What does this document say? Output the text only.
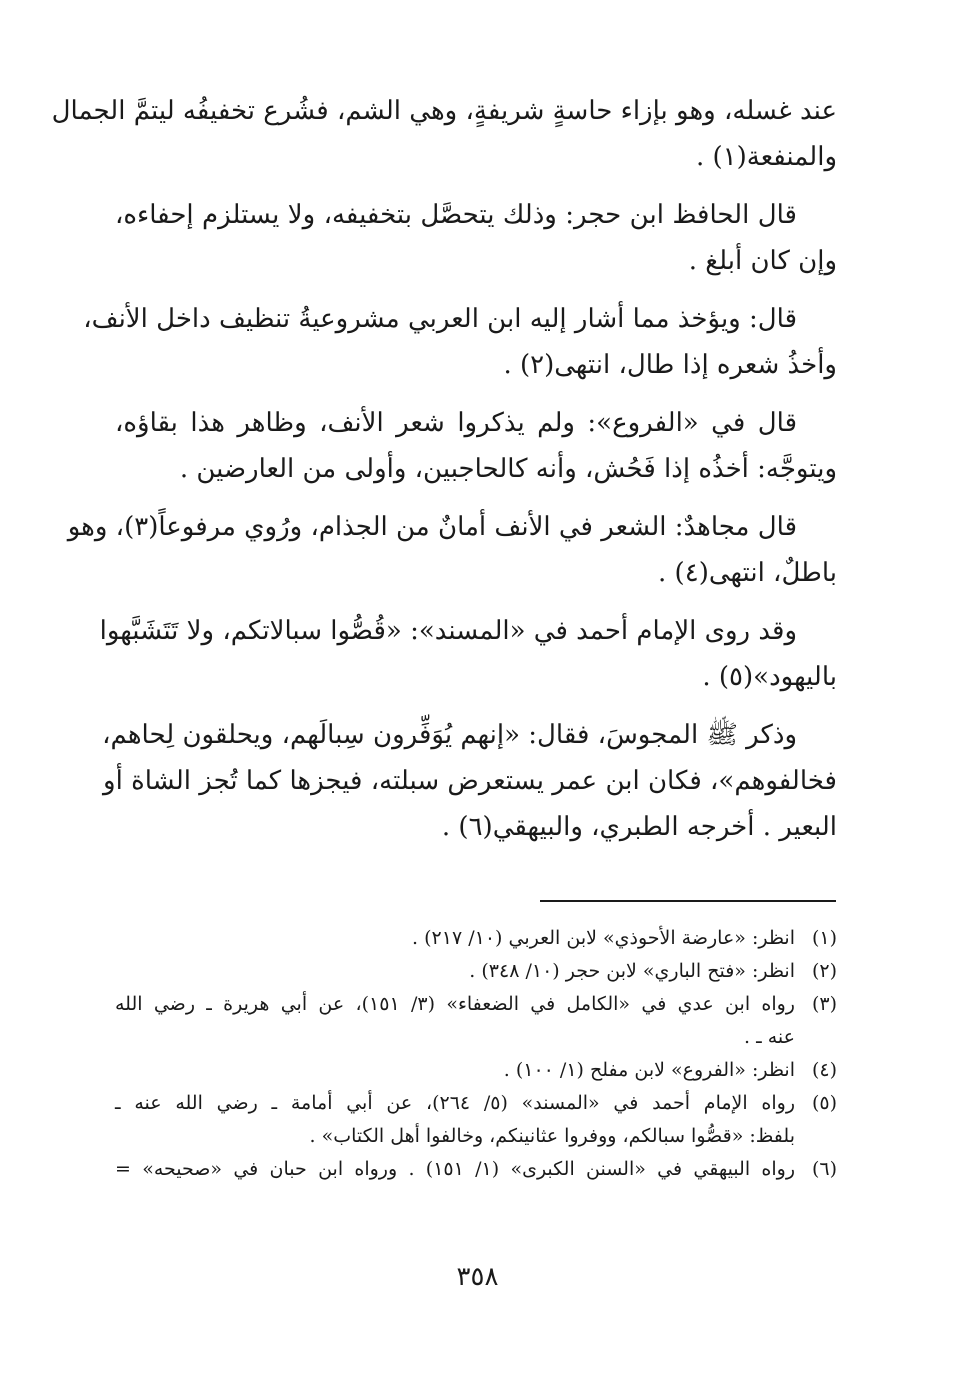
عند غسله، وهو بإزاء حاسةٍ شريفةٍ، وهي الشم، فشُرع تخفيفُه ليتمَّ الجمال
والمنفعة(١) .

قال الحافظ ابن حجر: وذلك يتحصَّل بتخفيفه، ولا يستلزم إحفاءه،
وإن كان أبلغ .

قال: ويؤخذ مما أشار إليه ابن العربي مشروعيةُ تنظيف داخل الأنف،
وأخذُ شعره إذا طال، انتهى(٢) .

قال في «الفروع»: ولم يذكروا شعر الأنف، وظاهر هذا بقاؤه،
ويتوجَّه: أخذُه إذا فَحُش، وأنه كالحاجبين، وأولى من العارضين .

قال مجاهدٌ: الشعر في الأنف أمانٌ من الجذام، ورُوي مرفوعاً(٣)، وهو
باطلٌ، انتهى(٤) .

وقد روى الإمام أحمد في «المسند»: «قُصُّوا سبالاتكم، ولا تَتَشَبَّهوا
باليهود»(٥) .

وذكر ﷺ المجوسَ، فقال: «إنهم يُوَفِّرون سِبالَهم، ويحلقون لِحاهم،
فخالفوهم»، فكان ابن عمر يستعرض سبلته، فيجزها كما تُجز الشاة أو
البعير . أخرجه الطبري، والبيهقي(٦) .

(١)
انظر: «عارضة الأحوذي» لابن العربي (١٠/ ٢١٧) .
(٢)
انظر: «فتح الباري» لابن حجر (١٠/ ٣٤٨) .
(٣)
رواه ابن عدي في «الكامل في الضعفاء» (٣/ ١٥١)، عن أبي هريرة ـ رضي الله
عنه ـ .
(٤)
انظر: «الفروع» لابن مفلح (١/ ١٠٠) .
(٥)
رواه الإمام أحمد في «المسند» (٥/ ٢٦٤)، عن أبي أمامة ـ رضي الله عنه ـ
بلفظ: «قصُّوا سبالكم، ووفروا عثانينكم، وخالفوا أهل الكتاب» .
(٦)
رواه البيهقي في «السنن الكبرى» (١/ ١٥١) . ورواه ابن حبان في «صحيحه» =
٣٥٨
